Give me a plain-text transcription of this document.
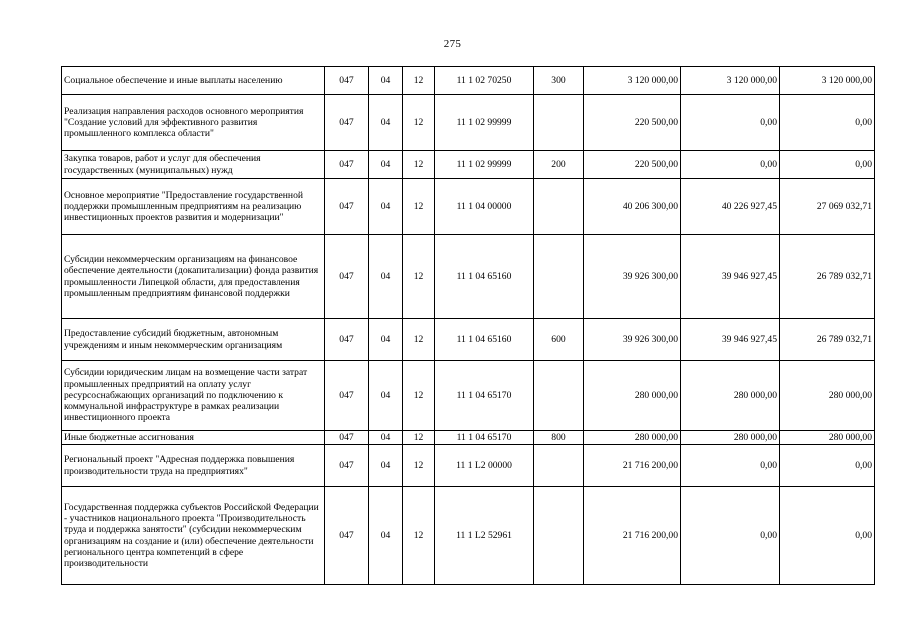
275
Социальное обеспечение и иные выплаты населению	047	04	12	11 1 02 70250	300	3 120 000,00	3 120 000,00	3 120 000,00
Реализация направления расходов основного мероприятия "Создание условий для эффективного развития промышленного комплекса области"	047	04	12	11 1 02 99999		220 500,00	0,00	0,00
Закупка товаров, работ и услуг для обеспечения государственных (муниципальных) нужд	047	04	12	11 1 02 99999	200	220 500,00	0,00	0,00
Основное мероприятие "Предоставление государственной поддержки промышленным предприятиям на реализацию инвестиционных проектов развития и модернизации"	047	04	12	11 1 04 00000		40 206 300,00	40 226 927,45	27 069 032,71
Субсидии некоммерческим организациям на финансовое обеспечение деятельности (докапитализации) фонда развития промышленности Липецкой области, для предоставления промышленным предприятиям финансовой поддержки	047	04	12	11 1 04 65160		39 926 300,00	39 946 927,45	26 789 032,71
Предоставление субсидий бюджетным, автономным учреждениям и иным некоммерческим организациям	047	04	12	11 1 04 65160	600	39 926 300,00	39 946 927,45	26 789 032,71
Субсидии юридическим лицам на возмещение части затрат промышленных предприятий на оплату услуг ресурсоснабжающих организаций по подключению к коммунальной инфраструктуре в рамках реализации инвестиционного проекта	047	04	12	11 1 04 65170		280 000,00	280 000,00	280 000,00
Иные бюджетные ассигнования	047	04	12	11 1 04 65170	800	280 000,00	280 000,00	280 000,00
Региональный проект "Адресная поддержка повышения производительности труда на предприятиях"	047	04	12	11 1 L2 00000		21 716 200,00	0,00	0,00
Государственная поддержка субъектов Российской Федерации - участников национального проекта "Производительность труда и поддержка занятости" (субсидии некоммерческим организациям на создание и (или) обеспечение деятельности регионального центра компетенций в сфере производительности	047	04	12	11 1 L2 52961		21 716 200,00	0,00	0,00
